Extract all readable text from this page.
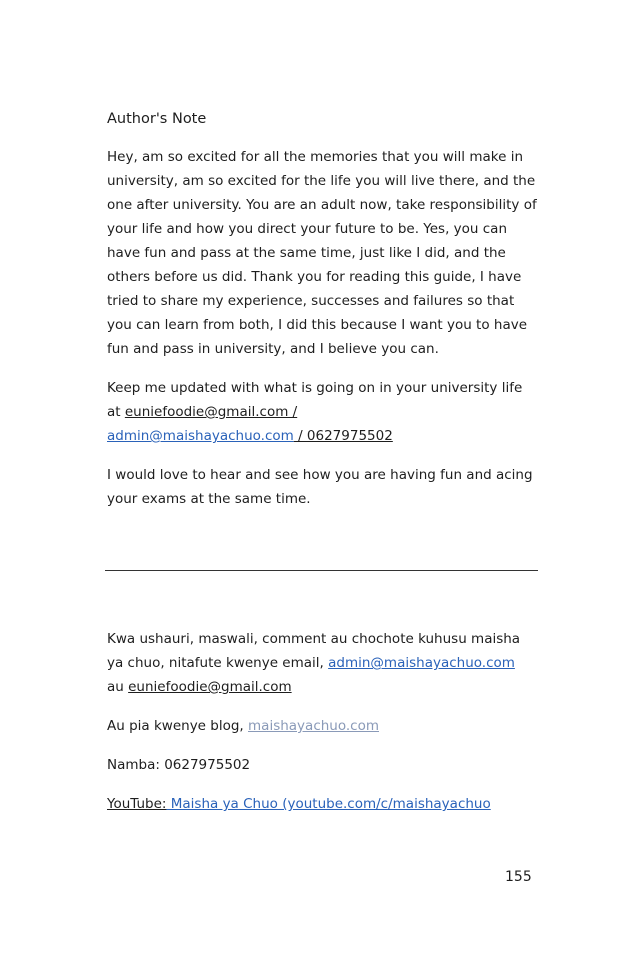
Author's Note

Hey, am so excited for all the memories that you will make in university, am so excited for the life you will live there, and the one after university. You are an adult now, take responsibility of your life and how you direct your future to be. Yes, you can have fun and pass at the same time, just like I did, and the others before us did. Thank you for reading this guide, I have tried to share my experience, successes and failures so that you can learn from both, I did this because I want you to have fun and pass in university, and I believe you can.

Keep me updated with what is going on in your university life at euniefoodie@gmail.com /
admin@maishayachuo.com / 0627975502

I would love to hear and see how you are having fun and acing your exams at the same time.

Kwa ushauri, maswali, comment au chochote kuhusu maisha ya chuo, nitafute kwenye email, admin@maishayachuo.com
au euniefoodie@gmail.com

Au pia kwenye blog, maishayachuo.com

Namba: 0627975502

YouTube: Maisha ya Chuo (youtube.com/c/maishayachuo

155
